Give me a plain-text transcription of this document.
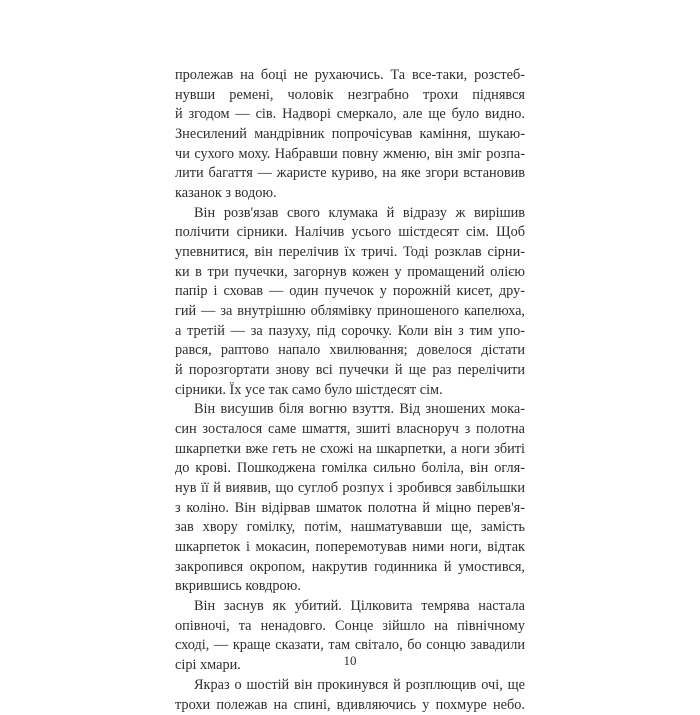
пролежав на боці не рухаючись. Та все-таки, розстеб-
нувши ремені, чоловік незграбно трохи піднявся
й згодом — сів. Надворі смеркало, але ще було видно.
Знесилений мандрівник попрочісував каміння, шукаю-
чи сухого моху. Набравши повну жменю, він зміг розпа-
лити багаття — жаристе куриво, на яке згори встановив
казанок з водою.
Він розв'язав свого клумака й відразу ж вирішив
полічити сірники. Налічив усього шістдесят сім. Щоб
упевнитися, він перелічив їх тричі. Тоді розклав сірни-
ки в три пучечки, загорнув кожен у промащений олією
папір і сховав — один пучечок у порожній кисет, дру-
гий — за внутрішню облямівку приношеного капелюха,
а третій — за пазуху, під сорочку. Коли він з тим упо-
рався, раптово напало хвилювання; довелося дістати
й порозгортати знову всі пучечки й ще раз перелічити
сірники. Їх усе так само було шістдесят сім.
Він висушив біля вогню взуття. Від зношених мока-
син зосталося саме шмаття, зшиті власноруч з полотна
шкарпетки вже геть не схожі на шкарпетки, а ноги збиті
до крові. Пошкоджена гомілка сильно боліла, він огля-
нув її й виявив, що суглоб розпух і зробився завбільшки
з коліно. Він відірвав шматок полотна й міцно перев'я-
зав хвору гомілку, потім, нашматувавши ще, замість
шкарпеток і мокасин, поперемотував ними ноги, відтак
закропився окропом, накрутив годинника й умостився,
вкрившись ковдрою.
Він заснув як убитий. Цілковита темрява настала
опівночі, та ненадовго. Сонце зійшло на північному
сході, — краще сказати, там світало, бо сонцю завадили
сірі хмари.
Якраз о шостій він прокинувся й розплющив очі, ще
трохи полежав на спині, вдивляючись у похмуре небо.
10
